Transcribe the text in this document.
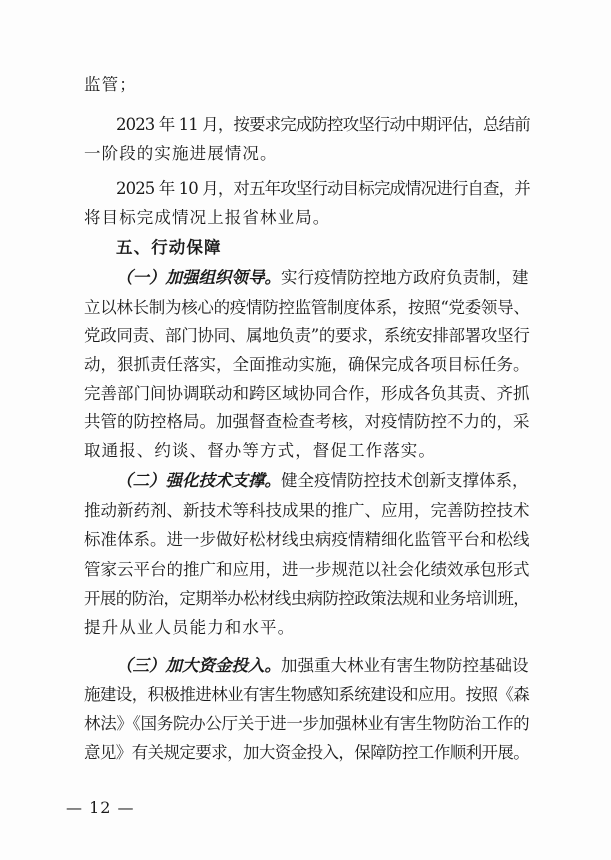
监管；
2023 年 11 月，按要求完成防控攻坚行动中期评估，总结前
一阶段的实施进展情况。
2025 年 10 月，对五年攻坚行动目标完成情况进行自查，并
将目标完成情况上报省林业局。
五、行动保障
（一）加强组织领导。实行疫情防控地方政府负责制，建
立以林长制为核心的疫情防控监管制度体系，按照“党委领导、
党政同责、部门协同、属地负责”的要求，系统安排部署攻坚行
动，狠抓责任落实，全面推动实施，确保完成各项目标任务。
完善部门间协调联动和跨区域协同合作，形成各负其责、齐抓
共管的防控格局。加强督查检查考核，对疫情防控不力的，采
取通报、约谈、督办等方式，督促工作落实。
（二）强化技术支撑。健全疫情防控技术创新支撑体系，
推动新药剂、新技术等科技成果的推广、应用，完善防控技术
标准体系。进一步做好松材线虫病疫情精细化监管平台和松线
管家云平台的推广和应用，进一步规范以社会化绩效承包形式
开展的防治，定期举办松材线虫病防控政策法规和业务培训班，
提升从业人员能力和水平。
（三）加大资金投入。加强重大林业有害生物防控基础设
施建设，积极推进林业有害生物感知系统建设和应用。按照《森
林法》《国务院办公厅关于进一步加强林业有害生物防治工作的
意见》有关规定要求，加大资金投入，保障防控工作顺利开展。
— 12 —
